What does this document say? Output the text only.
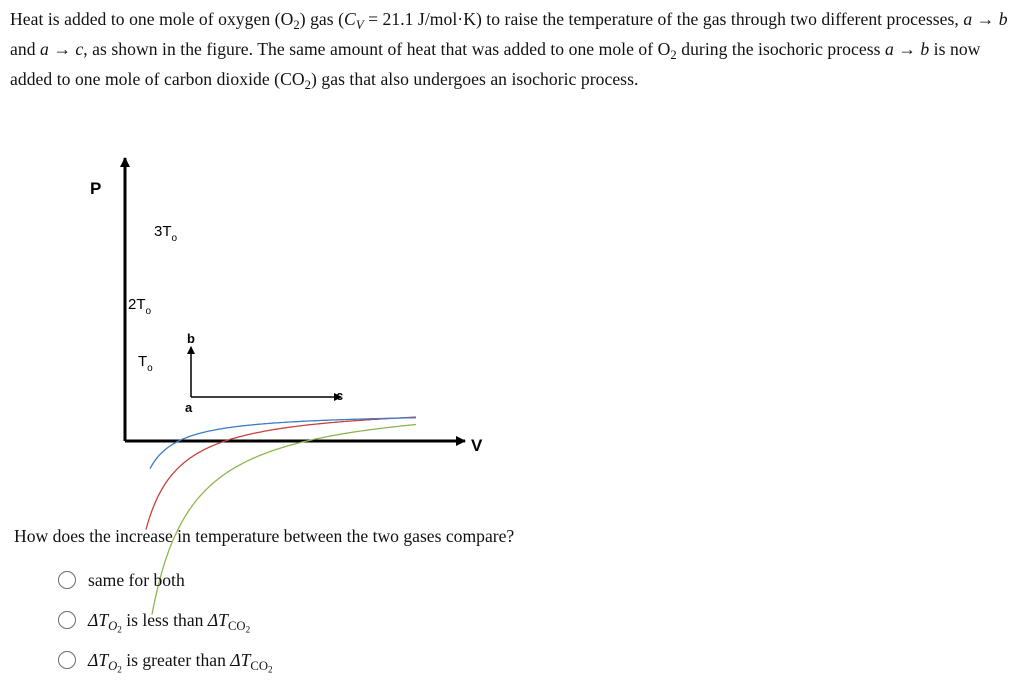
Heat is added to one mole of oxygen $(O_2)$ gas ($C_V = 21.1$ J/mol·K) to raise the temperature of the gas through two different processes, a → b and a → c, as shown in the figure. The same amount of heat that was added to one mole of $O_2$ during the isochoric process a → b is now added to one mole of carbon dioxide $(CO_2)$ gas that also undergoes an isochoric process.
P
V
$3T_o$
$2T_o$
$T_o$
a
b
c
How does the increase in temperature between the two gases compare?
same for both
$\Delta T_{O_2}$ is less than $\Delta T_{CO_2}$
$\Delta T_{O_2}$ is greater than $\Delta T_{CO_2}$
